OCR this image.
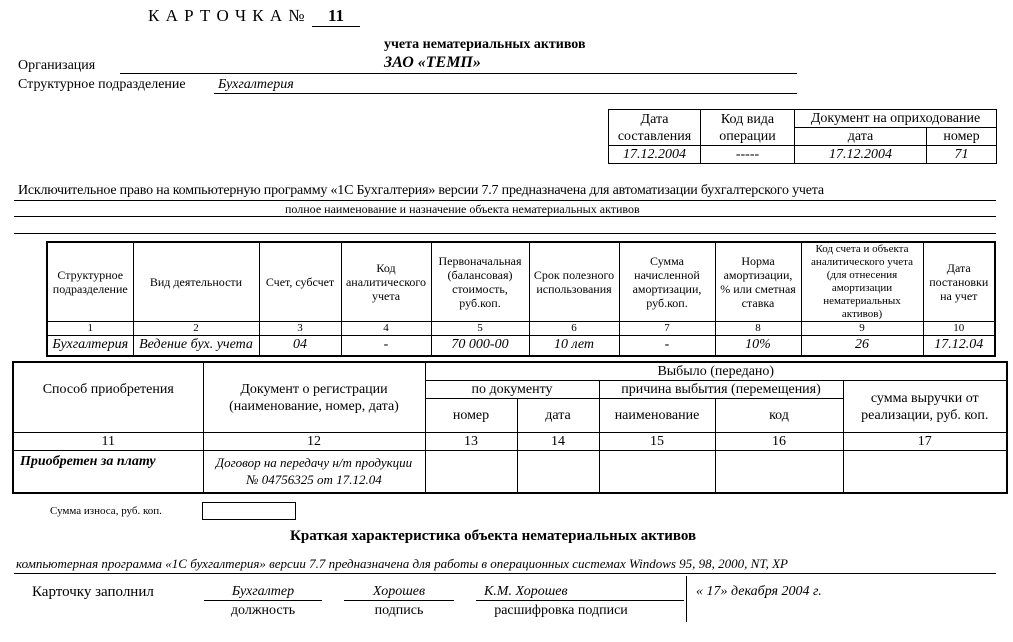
К А Р Т О Ч К А №	11
учета нематериальных активов
Организация	ЗАО «ТЕМП»
Структурное подразделение Бухгалтерия
Дата составления	Код вида операции	Документ на оприходование	
		дата	номер
17.12.2004	-----	17.12.2004	71
Исключительное право на компьютерную программу «1С Бухгалтерия» версии 7.7 предназначена для автоматизации бухгалтерского учета
полное наименование и назначение объекта нематериальных активов
Структурное подразделение	Вид деятельности	Счет, субсчет	Код аналитического учета	Первоначальная (балансовая) стоимость, руб.коп.	Срок полезного использования	Сумма начисленной амортизации, руб.коп.	Норма амортизации, % или сметная ставка	Код счета и объекта аналитического учета (для отнесения амортизации нематериальных активов)	Дата постановки на учет
1	2	3	4	5	6	7	8	9	10
Бухгалтерия	Ведение бух. учета	04	-	70 000-00	10 лет	-	10%	26	17.12.04
Способ приобретения	Документ о регистрации (наименование, номер, дата)	Выбыло (передано)				
		по документу		причина выбытия (перемещения)		сумма выручки от реализации, руб. коп.
		номер	дата	наименование	код	
11	12	13	14	15	16	17
Приобретен за плату	Договор на передачу н/т продукции № 04756325 от 17.12.04					
Сумма износа, руб. коп.
Краткая характеристика объекта нематериальных активов
компьютерная программа «1С бухгалтерия» версии 7.7 предназначена для работы в операционных системах Windows 95, 98, 2000, NT, XP
Карточку заполнил	Бухгалтер
должность
Хорошев
подпись
К.М. Хорошев
расшифровка подписи
« 17» декабря 2004 г.
